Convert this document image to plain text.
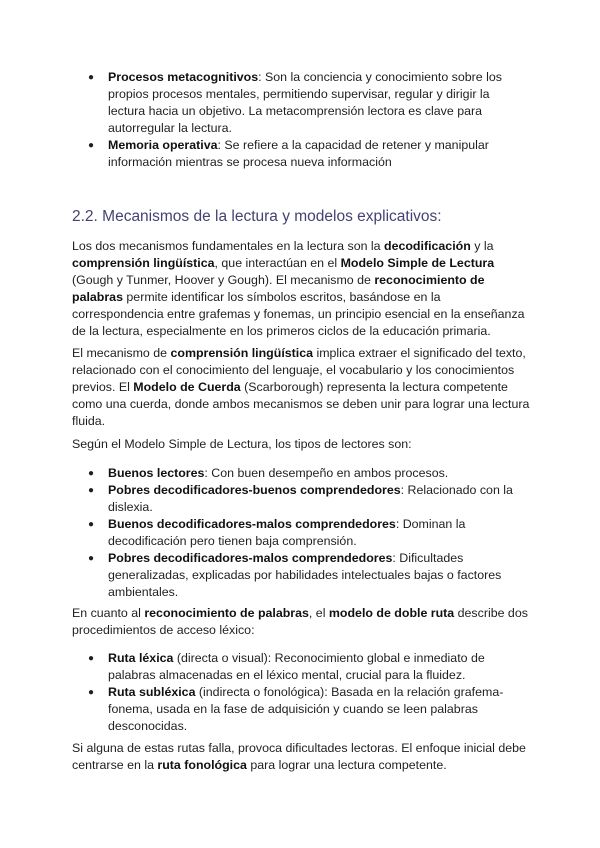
● Procesos metacognitivos: Son la conciencia y conocimiento sobre los propios procesos mentales, permitiendo supervisar, regular y dirigir la lectura hacia un objetivo. La metacomprensión lectora es clave para autorregular la lectura.
● Memoria operativa: Se refiere a la capacidad de retener y manipular información mientras se procesa nueva información
2.2. Mecanismos de la lectura y modelos explicativos:

Los dos mecanismos fundamentales en la lectura son la decodificación y la comprensión lingüística, que interactúan en el Modelo Simple de Lectura (Gough y Tunmer, Hoover y Gough). El mecanismo de reconocimiento de palabras permite identificar los símbolos escritos, basándose en la correspondencia entre grafemas y fonemas, un principio esencial en la enseñanza de la lectura, especialmente en los primeros ciclos de la educación primaria.

El mecanismo de comprensión lingüística implica extraer el significado del texto, relacionado con el conocimiento del lenguaje, el vocabulario y los conocimientos previos. El Modelo de Cuerda (Scarborough) representa la lectura competente como una cuerda, donde ambos mecanismos se deben unir para lograr una lectura fluida.

Según el Modelo Simple de Lectura, los tipos de lectores son:

● Buenos lectores: Con buen desempeño en ambos procesos.
● Pobres decodificadores-buenos comprendedores: Relacionado con la dislexia.
● Buenos decodificadores-malos comprendedores: Dominan la decodificación pero tienen baja comprensión.
● Pobres decodificadores-malos comprendedores: Dificultades generalizadas, explicadas por habilidades intelectuales bajas o factores ambientales.

En cuanto al reconocimiento de palabras, el modelo de doble ruta describe dos procedimientos de acceso léxico:

● Ruta léxica (directa o visual): Reconocimiento global e inmediato de palabras almacenadas en el léxico mental, crucial para la fluidez.
● Ruta subléxica (indirecta o fonológica): Basada en la relación grafema-fonema, usada en la fase de adquisición y cuando se leen palabras desconocidas.

Si alguna de estas rutas falla, provoca dificultades lectoras. El enfoque inicial debe centrarse en la ruta fonológica para lograr una lectura competente.
